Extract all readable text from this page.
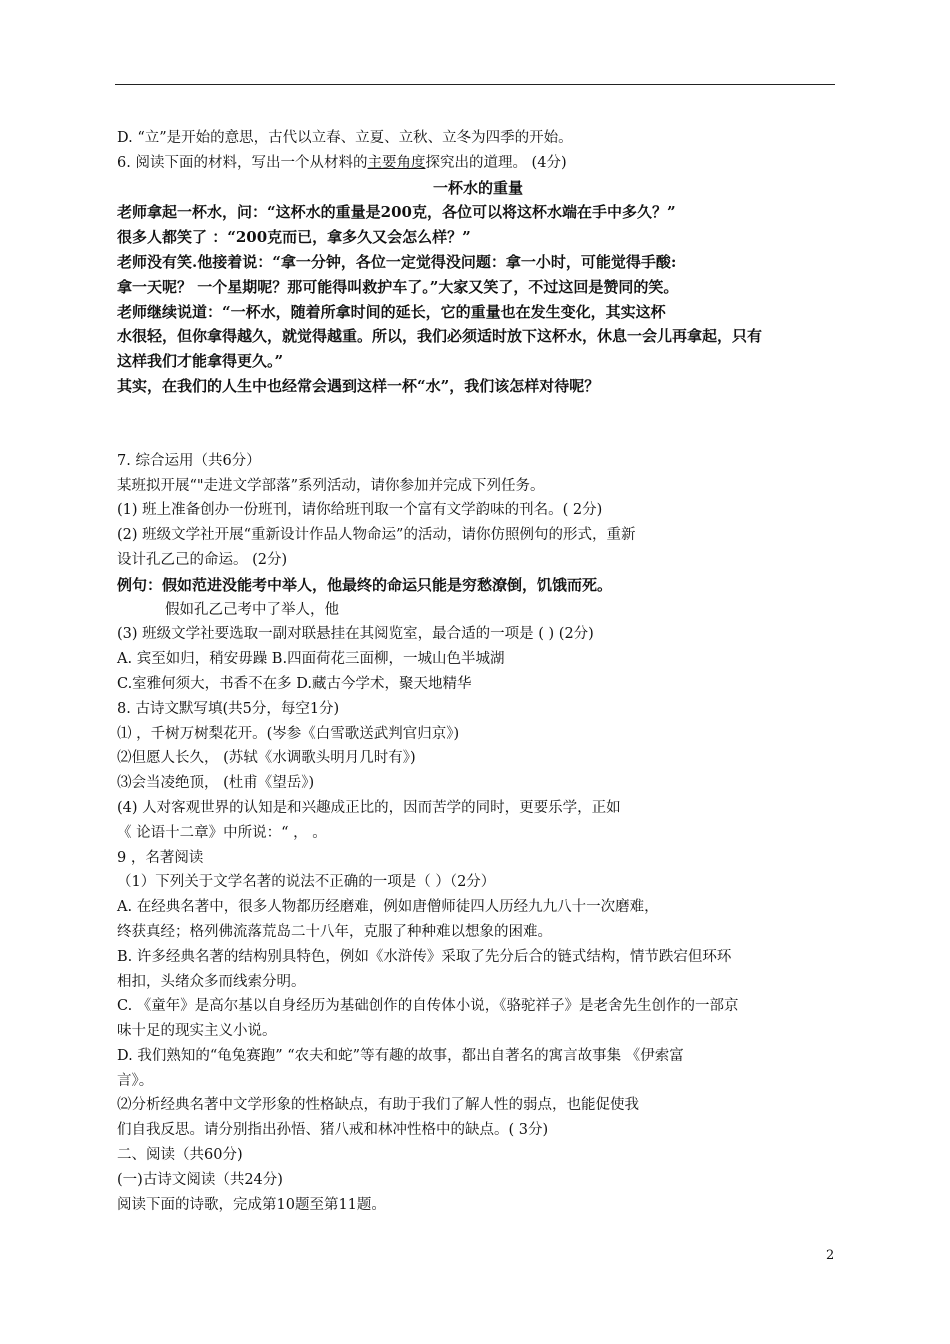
D. “立”是开始的意思，古代以立春、立夏、立秋、立冬为四季的开始。
6. 阅读下面的材料，写出一个从材料的主要角度探究出的道理。 (4分)
一杯水的重量
老师拿起一杯水，问：“这杯水的重量是200克，各位可以将这杯水端在手中多久？”
很多人都笑了 ：“200克而已，拿多久又会怎么样？”
老师没有笑.他接着说：“拿一分钟，各位一定觉得没问题：拿一小时，可能觉得手酸:
拿一天呢？ 一个星期呢？那可能得叫救护车了。”大家又笑了，不过这回是赞同的笑。
老师继续说道：“一杯水，随着所拿时间的延长，它的重量也在发生变化，其实这杯
水很轻，但你拿得越久，就觉得越重。所以，我们必须适时放下这杯水，休息一会儿再拿起，只有
这样我们才能拿得更久。”
其实，在我们的人生中也经常会遇到这样一杯“水”，我们该怎样对待呢？
7. 综合运用（共6分）
某班拟开展“"走进文学部落”系列活动，请你参加并完成下列任务。
(1) 班上准备创办一份班刊，请你给班刊取一个富有文学韵味的刊名。( 2分)
(2) 班级文学社开展“重新设计作品人物命运”的活动，请你仿照例句的形式，重新
设计孔乙己的命运。 (2分)
例句：假如范进没能考中举人，他最终的命运只能是穷愁潦倒，饥饿而死。
假如孔乙己考中了举人，他
(3) 班级文学社要选取一副对联悬挂在其阅览室，最合适的一项是 ( ) (2分)
A. 宾至如归，稍安毋躁 B.四面荷花三面柳，一城山色半城湖
C.室雅何须大，书香不在多 D.藏古今学术，聚天地精华
8. 古诗文默写填(共5分，每空1分)
⑴ ，千树万树梨花开。(岑参《白雪歌送武判官归京》)
⑵但愿人长久， (苏轼《水调歌头明月几时有》)
⑶会当凌绝顶， (杜甫《望岳》)
(4) 人对客观世界的认知是和兴趣成正比的，因而苦学的同时，更要乐学，正如
《 论语十二章》中所说：“ ， 。
9 ，名著阅读
（1）下列关于文学名著的说法不正确的一项是（ ）（2分）
A. 在经典名著中，很多人物都历经磨难，例如唐僧师徒四人历经九九八十一次磨难，
终获真经；格列佛流落荒岛二十八年，克服了种种难以想象的困难。
B. 许多经典名著的结构别具特色，例如《水浒传》采取了先分后合的链式结构，情节跌宕但环环
相扣，头绪众多而线索分明。
C. 《童年》是高尔基以自身经历为基础创作的自传体小说，《骆驼祥子》是老舍先生创作的一部京
味十足的现实主义小说。
D. 我们熟知的“龟兔赛跑” “农夫和蛇”等有趣的故事，都出自著名的寓言故事集 《伊索富
言》。
⑵分析经典名著中文学形象的性格缺点，有助于我们了解人性的弱点，也能促使我
们自我反思。请分别指出孙悟、猪八戒和林冲性格中的缺点。( 3分)
二、阅读（共60分)
(一)古诗文阅读（共24分)
阅读下面的诗歌，完成第10题至第11题。
2
